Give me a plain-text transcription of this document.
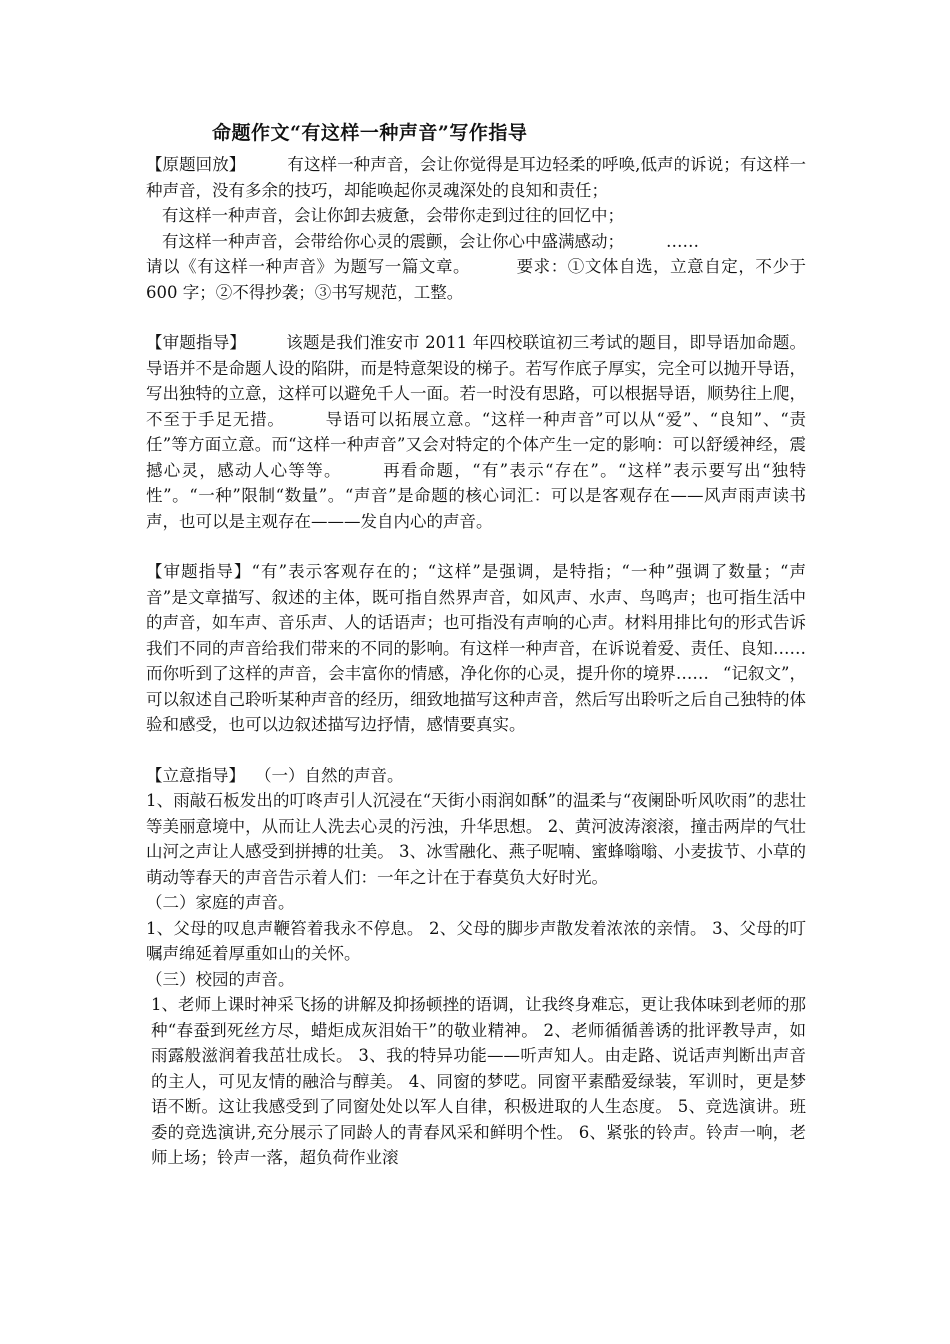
命题作文“有这样一种声音”写作指导

【原题回放】	有这样一种声音，会让你觉得是耳边轻柔的呼唤,低声的诉说；有这样一种声音，没有多余的技巧，却能唤起你灵魂深处的良知和责任；

有这样一种声音，会让你卸去疲惫，会带你走到过往的回忆中；

有这样一种声音，会带给你心灵的震颤，会让你心中盛满感动；	……

请以《有这样一种声音》为题写一篇文章。	要求：①文体自选，立意自定，不少于 600 字；②不得抄袭；③书写规范，工整。

【审题指导】 该题是我们淮安市 2011 年四校联谊初三考试的题目，即导语加命题。导语并不是命题人设的陷阱，而是特意架设的梯子。若写作底子厚实，完全可以抛开导语，写出独特的立意，这样可以避免千人一面。若一时没有思路，可以根据导语，顺势往上爬，不至于手足无措。 导语可以拓展立意。“这样一种声音”可以从“爱”、“良知”、“责任”等方面立意。而“这样一种声音”又会对特定的个体产生一定的影响：可以舒缓神经，震撼心灵，感动人心等等。 再看命题，“有”表示“存在”。“这样”表示要写出“独特性”。“一种”限制“数量”。“声音”是命题的核心词汇：可以是客观存在——风声雨声读书声，也可以是主观存在———发自内心的声音。

【审题指导】“有”表示客观存在的；“这样”是强调，是特指；“一种”强调了数量；“声音”是文章描写、叙述的主体，既可指自然界声音，如风声、水声、鸟鸣声；也可指生活中的声音，如车声、音乐声、人的话语声；也可指没有声响的心声。材料用排比句的形式告诉我们不同的声音给我们带来的不同的影响。有这样一种声音，在诉说着爱、责任、良知……而你听到了这样的声音，会丰富你的情感，净化你的心灵，提升你的境界…… “记叙文”，可以叙述自己聆听某种声音的经历，细致地描写这种声音，然后写出聆听之后自己独特的体验和感受，也可以边叙述描写边抒情，感情要真实。

【立意指导】 （一）自然的声音。

1、雨敲石板发出的叮咚声引人沉浸在“天街小雨润如酥”的温柔与“夜阑卧听风吹雨”的悲壮等美丽意境中，从而让人洗去心灵的污浊，升华思想。 2、黄河波涛滚滚，撞击两岸的气壮山河之声让人感受到拼搏的壮美。 3、冰雪融化、燕子呢喃、蜜蜂嗡嗡、小麦拔节、小草的萌动等春天的声音告示着人们：一年之计在于春莫负大好时光。

（二）家庭的声音。

1、父母的叹息声鞭笞着我永不停息。 2、父母的脚步声散发着浓浓的亲情。 3、父母的叮嘱声绵延着厚重如山的关怀。

（三）校园的声音。

1、老师上课时神采飞扬的讲解及抑扬顿挫的语调，让我终身难忘，更让我体味到老师的那种“春蚕到死丝方尽，蜡炬成灰泪始干”的敬业精神。 2、老师循循善诱的批评教导声，如雨露般滋润着我茁壮成长。 3、我的特异功能——听声知人。由走路、说话声判断出声音的主人，可见友情的融洽与醇美。 4、同窗的梦呓。同窗平素酷爱绿装，军训时，更是梦语不断。这让我感受到了同窗处处以军人自律，积极进取的人生态度。 5、竞选演讲。班委的竞选演讲,充分展示了同龄人的青春风采和鲜明个性。 6、紧张的铃声。铃声一响，老师上场；铃声一落，超负荷作业滚
